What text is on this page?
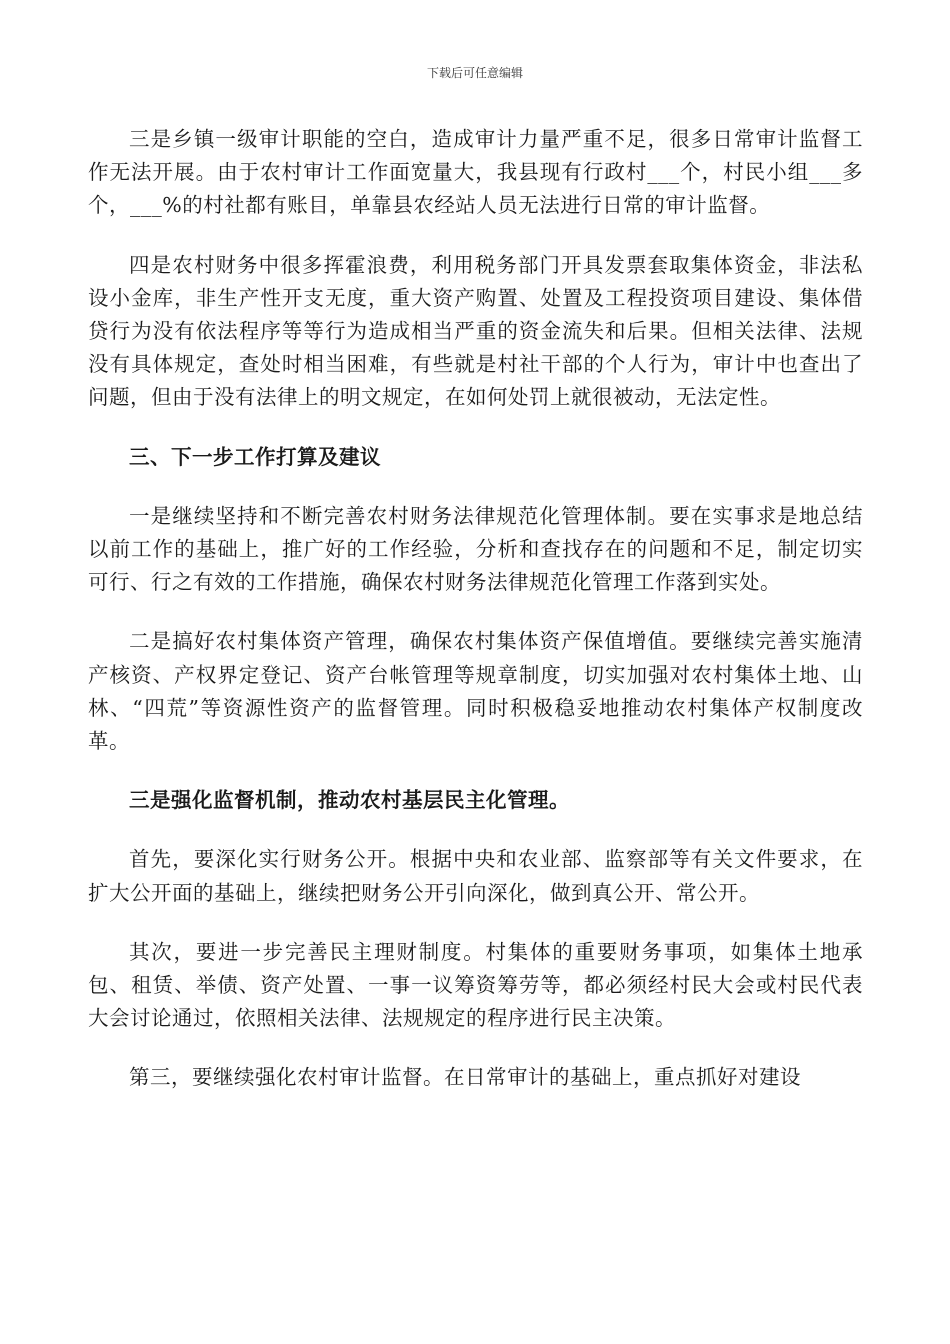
下载后可任意编辑

三是乡镇一级审计职能的空白，造成审计力量严重不足，很多日常审计监督工作无法开展。由于农村审计工作面宽量大，我县现有行政村___个，村民小组___多个，___%的村社都有账目，单靠县农经站人员无法进行日常的审计监督。

四是农村财务中很多挥霍浪费，利用税务部门开具发票套取集体资金，非法私设小金库，非生产性开支无度，重大资产购置、处置及工程投资项目建设、集体借贷行为没有依法程序等等行为造成相当严重的资金流失和后果。但相关法律、法规没有具体规定，查处时相当困难，有些就是村社干部的个人行为，审计中也查出了问题，但由于没有法律上的明文规定，在如何处罚上就很被动，无法定性。

三、下一步工作打算及建议

一是继续坚持和不断完善农村财务法律规范化管理体制。要在实事求是地总结以前工作的基础上，推广好的工作经验，分析和查找存在的问题和不足，制定切实可行、行之有效的工作措施，确保农村财务法律规范化管理工作落到实处。

二是搞好农村集体资产管理，确保农村集体资产保值增值。要继续完善实施清产核资、产权界定登记、资产台帐管理等规章制度，切实加强对农村集体土地、山林、“四荒”等资源性资产的监督管理。同时积极稳妥地推动农村集体产权制度改革。

三是强化监督机制，推动农村基层民主化管理。

首先，要深化实行财务公开。根据中央和农业部、监察部等有关文件要求，在扩大公开面的基础上，继续把财务公开引向深化，做到真公开、常公开。

其次，要进一步完善民主理财制度。村集体的重要财务事项，如集体土地承包、租赁、举债、资产处置、一事一议筹资筹劳等，都必须经村民大会或村民代表大会讨论通过，依照相关法律、法规规定的程序进行民主决策。

第三，要继续强化农村审计监督。在日常审计的基础上，重点抓好对建设
